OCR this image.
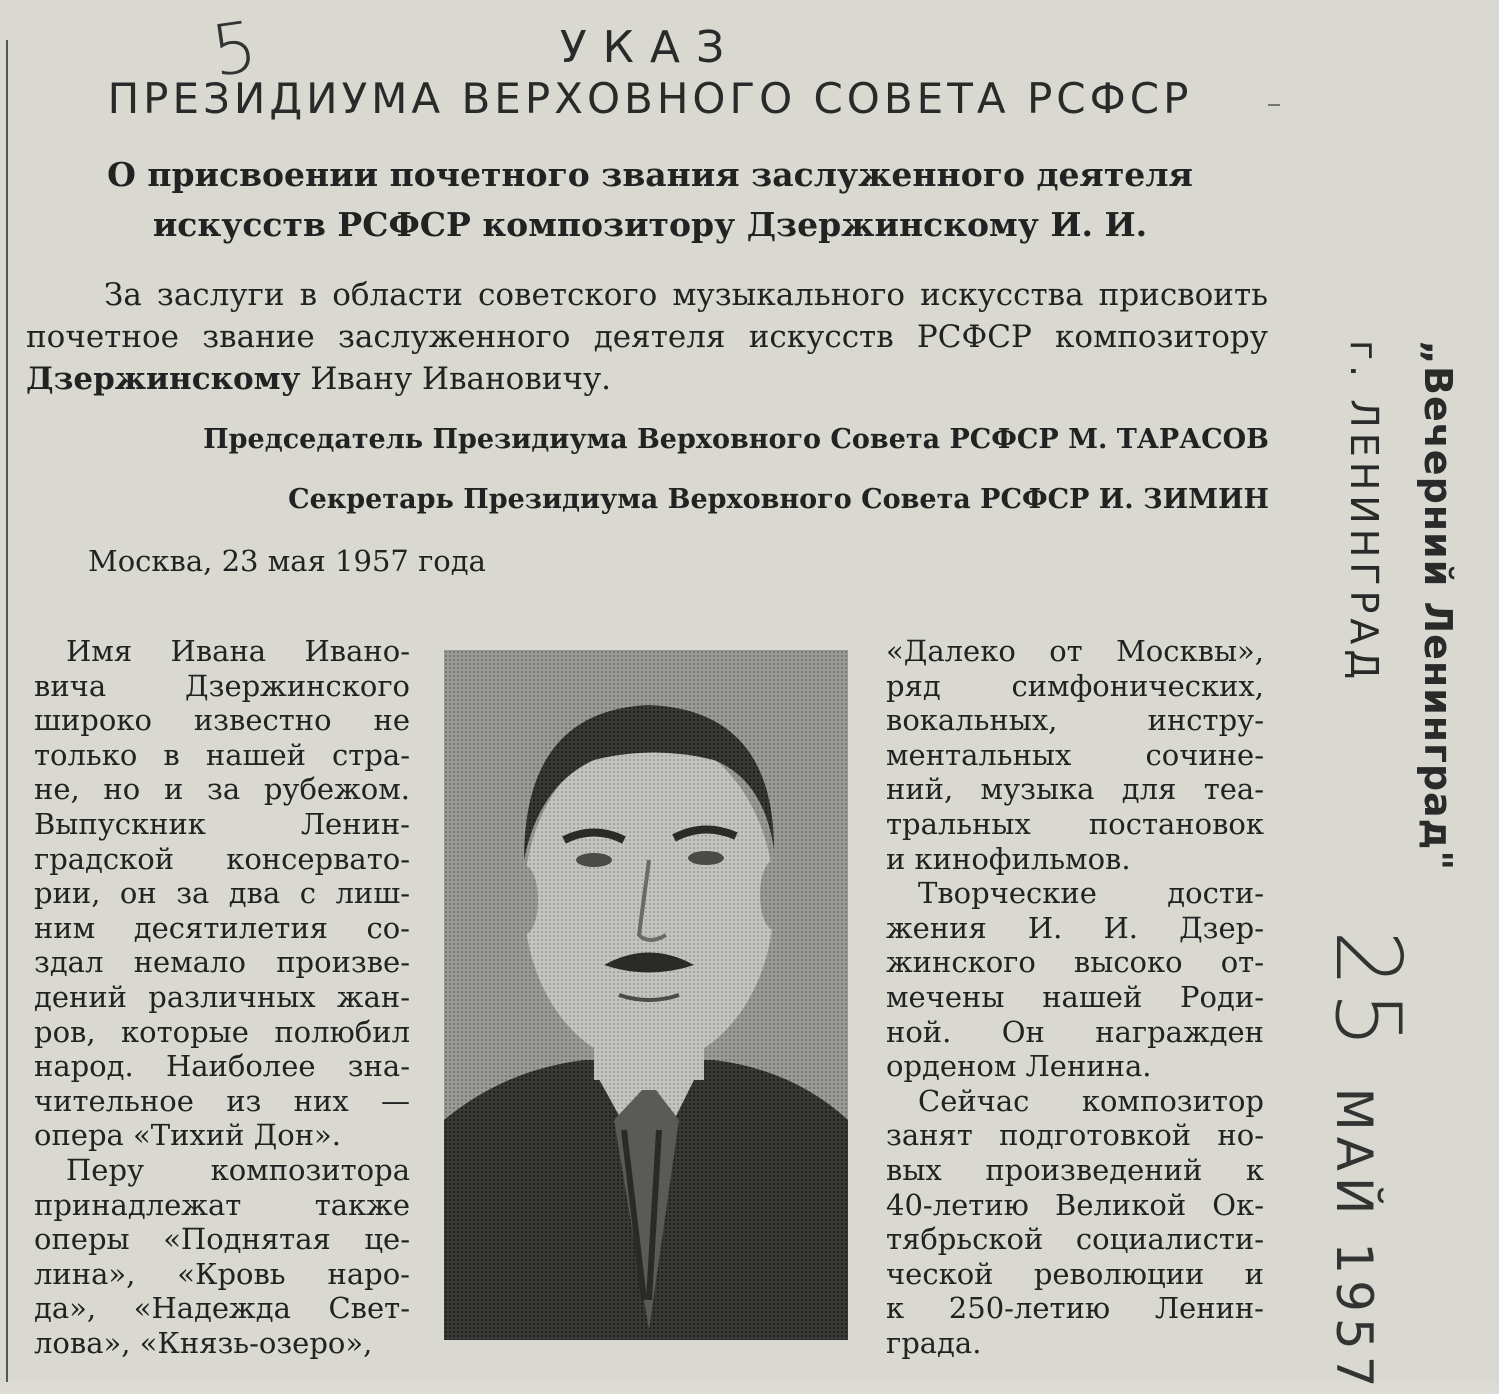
5	УКАЗ
ПРЕЗИДИУМА ВЕРХОВНОГО СОВЕТА РСФСР
О присвоении почетного звания заслуженного деятеля
искусств РСФСР композитору Дзержинскому И. И.
За заслуги в области советского музыкального искусства присвоить почетное звание заслуженного деятеля искусств РСФСР композитору Дзержинскому Ивану Ивановичу.
Председатель Президиума Верховного Совета РСФСР М. ТАРАСОВ
Секретарь Президиума Верховного Совета РСФСР И. ЗИМИН
Москва, 23 мая 1957 года
Имя Ивана Ивано-
вича Дзержинского
широко известно не
только в нашей стра-
не, но и за рубежом.
Выпускник Ленин-
градской консервато-
рии, он за два с лиш-
ним десятилетия со-
здал немало произве-
дений различных жан-
ров, которые полюбил
народ. Наиболее зна-
чительное из них —
опера «Тихий Дон».
Перу композитора
принадлежат также
оперы «Поднятая це-
лина», «Кровь наро-
да», «Надежда Свет-
лова», «Князь-озеро»,
«Далеко от Москвы»,
ряд симфонических,
вокальных, инстру-
ментальных сочине-
ний, музыка для теа-
тральных постановок
и кинофильмов.
Творческие дости-
жения И. И. Дзер-
жинского высоко от-
мечены нашей Роди-
ной. Он награжден
орденом Ленина.
Сейчас композитор
занят подготовкой но-
вых произведений к
40-летию Великой Ок-
тябрьской социалисти-
ческой революции и
к 250-летию Ленин-
града.
„Вечерний Ленинград"
г. ЛЕНИНГРАД
25 МАЙ 1957
